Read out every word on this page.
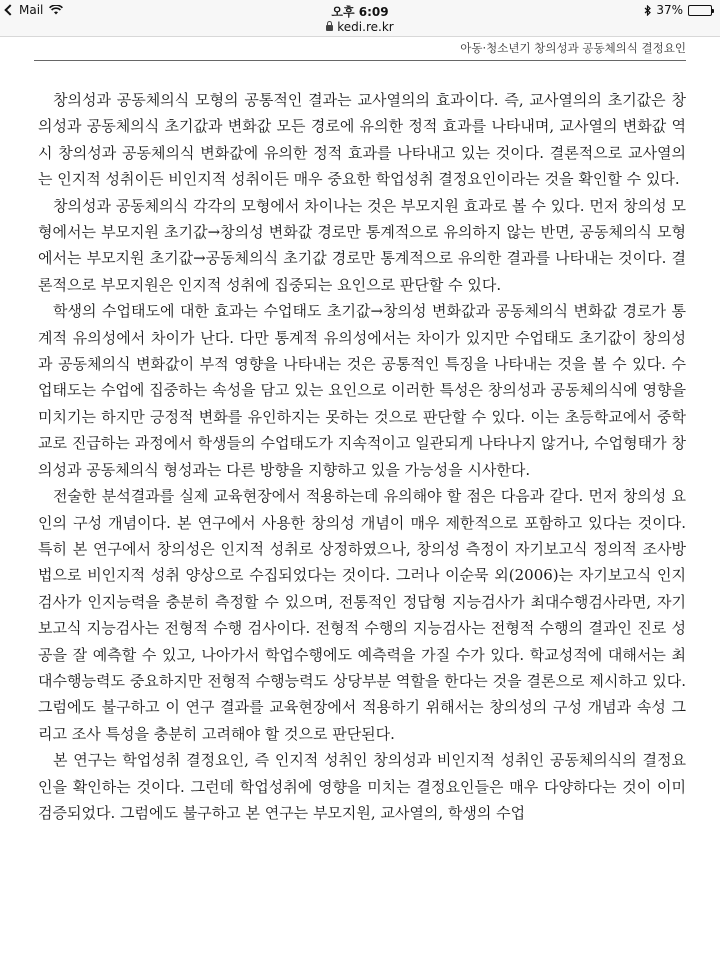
Mail	오후 6:09	37%
kedi.re.kr
아동·청소년기 창의성과 공동체의식 결정요인

창의성과 공동체의식 모형의 공통적인 결과는 교사열의의 효과이다. 즉, 교사열의의 초기값은 창의성과 공동체의식 초기값과 변화값 모든 경로에 유의한 정적 효과를 나타내며, 교사열의 변화값 역시 창의성과 공동체의식 변화값에 유의한 정적 효과를 나타내고 있는 것이다. 결론적으로 교사열의는 인지적 성취이든 비인지적 성취이든 매우 중요한 학업성취 결정요인이라는 것을 확인할 수 있다.

창의성과 공동체의식 각각의 모형에서 차이나는 것은 부모지원 효과로 볼 수 있다. 먼저 창의성 모형에서는 부모지원 초기값→창의성 변화값 경로만 통계적으로 유의하지 않는 반면, 공동체의식 모형에서는 부모지원 초기값→공동체의식 초기값 경로만 통계적으로 유의한 결과를 나타내는 것이다. 결론적으로 부모지원은 인지적 성취에 집중되는 요인으로 판단할 수 있다.

학생의 수업태도에 대한 효과는 수업태도 초기값→창의성 변화값과 공동체의식 변화값 경로가 통계적 유의성에서 차이가 난다. 다만 통계적 유의성에서는 차이가 있지만 수업태도 초기값이 창의성과 공동체의식 변화값이 부적 영향을 나타내는 것은 공통적인 특징을 나타내는 것을 볼 수 있다. 수업태도는 수업에 집중하는 속성을 담고 있는 요인으로 이러한 특성은 창의성과 공동체의식에 영향을 미치기는 하지만 긍정적 변화를 유인하지는 못하는 것으로 판단할 수 있다. 이는 초등학교에서 중학교로 진급하는 과정에서 학생들의 수업태도가 지속적이고 일관되게 나타나지 않거나, 수업형태가 창의성과 공동체의식 형성과는 다른 방향을 지향하고 있을 가능성을 시사한다.

전술한 분석결과를 실제 교육현장에서 적용하는데 유의해야 할 점은 다음과 같다. 먼저 창의성 요인의 구성 개념이다. 본 연구에서 사용한 창의성 개념이 매우 제한적으로 포함하고 있다는 것이다. 특히 본 연구에서 창의성은 인지적 성취로 상정하였으나, 창의성 측정이 자기보고식 정의적 조사방법으로 비인지적 성취 양상으로 수집되었다는 것이다. 그러나 이순묵 외(2006)는 자기보고식 인지검사가 인지능력을 충분히 측정할 수 있으며, 전통적인 정답형 지능검사가 최대수행검사라면, 자기보고식 지능검사는 전형적 수행 검사이다. 전형적 수행의 지능검사는 전형적 수행의 결과인 진로 성공을 잘 예측할 수 있고, 나아가서 학업수행에도 예측력을 가질 수가 있다. 학교성적에 대해서는 최대수행능력도 중요하지만 전형적 수행능력도 상당부분 역할을 한다는 것을 결론으로 제시하고 있다. 그럼에도 불구하고 이 연구 결과를 교육현장에서 적용하기 위해서는 창의성의 구성 개념과 속성 그리고 조사 특성을 충분히 고려해야 할 것으로 판단된다.

본 연구는 학업성취 결정요인, 즉 인지적 성취인 창의성과 비인지적 성취인 공동체의식의 결정요인을 확인하는 것이다. 그런데 학업성취에 영향을 미치는 결정요인들은 매우 다양하다는 것이 이미 검증되었다. 그럼에도 불구하고 본 연구는 부모지원, 교사열의, 학생의 수업
